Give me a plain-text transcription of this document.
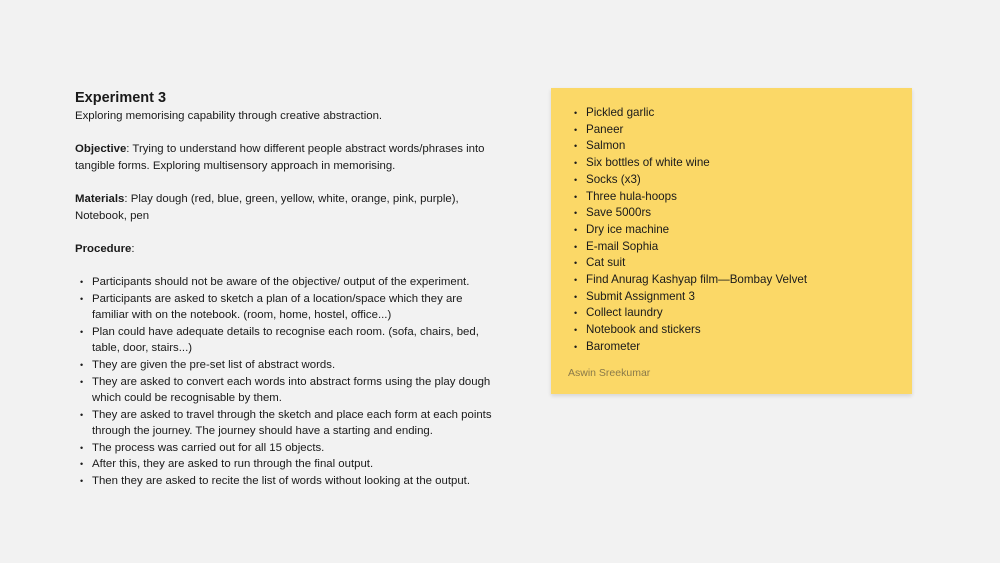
Experiment 3
Exploring memorising capability through creative abstraction.
Objective: Trying to understand how different people abstract words/phrases into tangible forms. Exploring multisensory approach in memorising.
Materials: Play dough (red, blue, green, yellow, white, orange, pink, purple), Notebook, pen
Procedure:
• Participants should not be aware of the objective/ output of the experiment.
• Participants are asked to sketch a plan of a location/space which they are familiar with on the notebook. (room, home, hostel, office...)
• Plan could have adequate details to recognise each room. (sofa, chairs, bed, table, door, stairs...)
• They are given the pre-set list of abstract words.
• They are asked to convert each words into abstract forms using the play dough which could be recognisable by them.
• They are asked to travel through the sketch and place each form at each points through the journey. The journey should have a starting and ending.
• The process was carried out for all 15 objects.
• After this, they are asked to run through the final output.
• Then they are asked to recite the list of words without looking at the output.
• Pickled garlic
• Paneer
• Salmon
• Six bottles of white wine
• Socks (x3)
• Three hula-hoops
• Save 5000rs
• Dry ice machine
• E-mail Sophia
• Cat suit
• Find Anurag Kashyap film—Bombay Velvet
• Submit Assignment 3
• Collect laundry
• Notebook and stickers
• Barometer
Aswin Sreekumar
